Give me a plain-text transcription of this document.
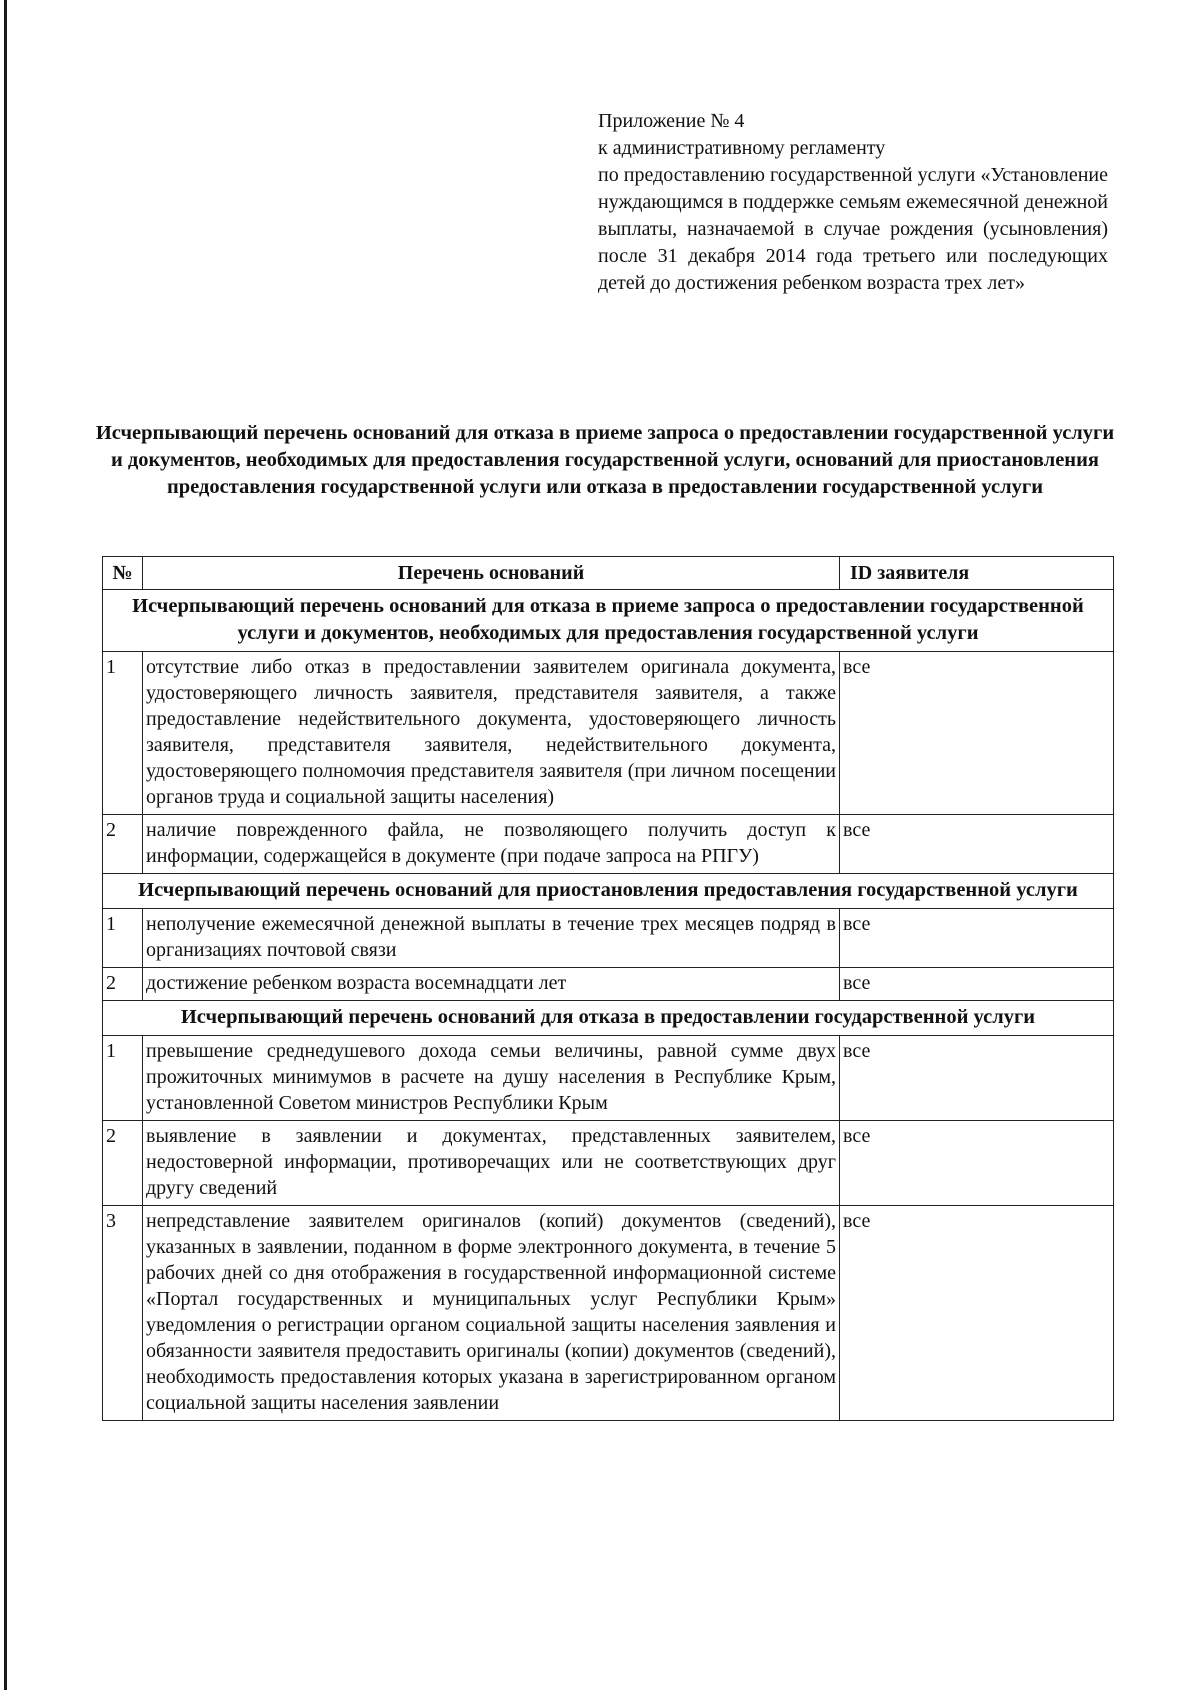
Приложение № 4
к административному регламенту
по предоставлению государственной услуги «Установление нуждающимся в поддержке семьям ежемесячной денежной выплаты, назначаемой в случае рождения (усыновления) после 31 декабря 2014 года третьего или последующих детей до достижения ребенком возраста трех лет»
Исчерпывающий перечень оснований для отказа в приеме запроса о предоставлении государственной услуги и документов, необходимых для предоставления государственной услуги, оснований для приостановления предоставления государственной услуги или отказа в предоставлении государственной услуги
№	Перечень оснований	ID заявителя
Исчерпывающий перечень оснований для отказа в приеме запроса о предоставлении государственной услуги и документов, необходимых для предоставления государственной услуги		
1	отсутствие либо отказ в предоставлении заявителем оригинала документа, удостоверяющего личность заявителя, представителя заявителя, а также предоставление недействительного документа, удостоверяющего личность заявителя, представителя заявителя, недействительного документа, удостоверяющего полномочия представителя заявителя (при личном посещении органов труда и социальной защиты населения)	все
2	наличие поврежденного файла, не позволяющего получить доступ к информации, содержащейся в документе (при подаче запроса на РПГУ)	все
Исчерпывающий перечень оснований для приостановления предоставления государственной услуги		
1	неполучение ежемесячной денежной выплаты в течение трех месяцев подряд в организациях почтовой связи	все
2	достижение ребенком возраста восемнадцати лет	все
Исчерпывающий перечень оснований для отказа в предоставлении государственной услуги		
1	превышение среднедушевого дохода семьи величины, равной сумме двух прожиточных минимумов в расчете на душу населения в Республике Крым, установленной Советом министров Республики Крым	все
2	выявление в заявлении и документах, представленных заявителем, недостоверной информации, противоречащих или не соответствующих друг другу сведений	все
3	непредставление заявителем оригиналов (копий) документов (сведений), указанных в заявлении, поданном в форме электронного документа, в течение 5 рабочих дней со дня отображения в государственной информационной системе «Портал государственных и муниципальных услуг Республики Крым» уведомления о регистрации органом социальной защиты населения заявления и обязанности заявителя предоставить оригиналы (копии) документов (сведений), необходимость предоставления которых указана в зарегистрированном органом социальной защиты населения заявлении	все
